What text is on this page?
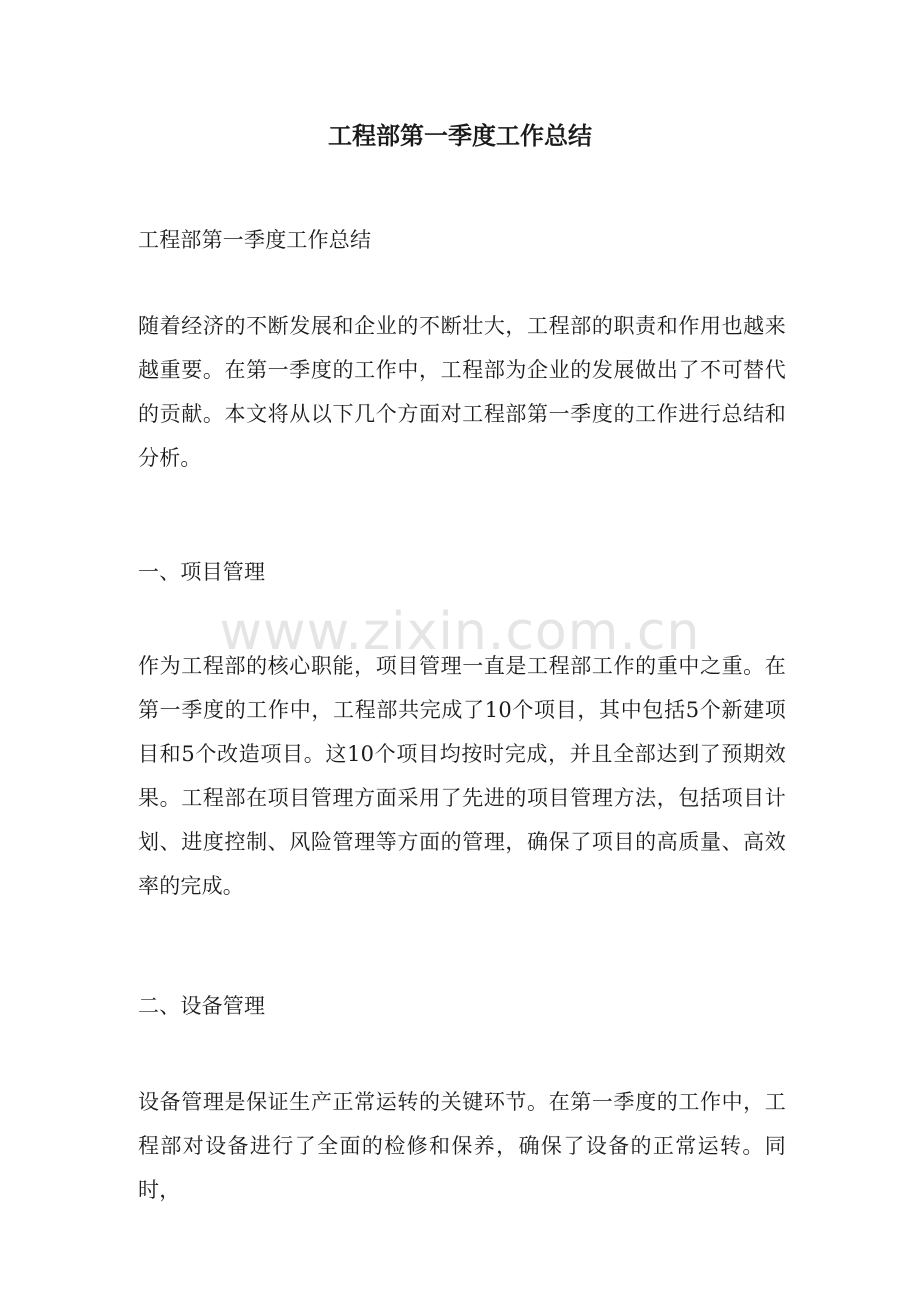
工程部第一季度工作总结
工程部第一季度工作总结
随着经济的不断发展和企业的不断壮大，工程部的职责和作用也越来越重要。在第一季度的工作中，工程部为企业的发展做出了不可替代的贡献。本文将从以下几个方面对工程部第一季度的工作进行总结和分析。
一、项目管理
作为工程部的核心职能，项目管理一直是工程部工作的重中之重。在第一季度的工作中，工程部共完成了10个项目，其中包括5个新建项目和5个改造项目。这10个项目均按时完成，并且全部达到了预期效果。工程部在项目管理方面采用了先进的项目管理方法，包括项目计划、进度控制、风险管理等方面的管理，确保了项目的高质量、高效率的完成。
二、设备管理
设备管理是保证生产正常运转的关键环节。在第一季度的工作中，工程部对设备进行了全面的检修和保养，确保了设备的正常运转。同时，
www.zixin.com.cn
